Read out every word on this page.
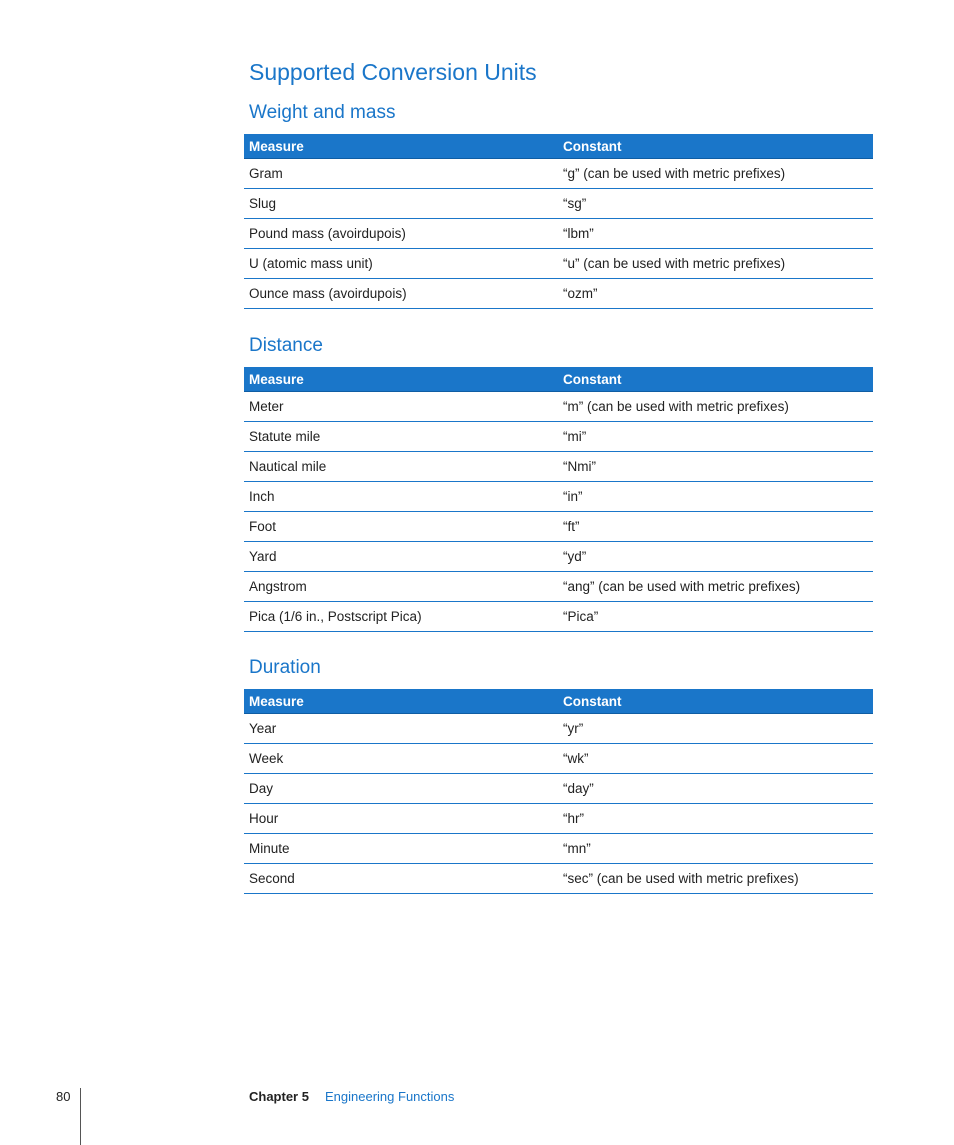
Supported Conversion Units
Weight and mass
Measure	Constant
Gram	“g” (can be used with metric prefixes)
Slug	“sg”
Pound mass (avoirdupois)	“lbm”
U (atomic mass unit)	“u” (can be used with metric prefixes)
Ounce mass (avoirdupois)	“ozm”
Distance
Measure	Constant
Meter	“m” (can be used with metric prefixes)
Statute mile	“mi”
Nautical mile	“Nmi”
Inch	“in”
Foot	“ft”
Yard	“yd”
Angstrom	“ang” (can be used with metric prefixes)
Pica (1/6 in., Postscript Pica)	“Pica”
Duration
Measure	Constant
Year	“yr”
Week	“wk”
Day	“day”
Hour	“hr”
Minute	“mn”
Second	“sec” (can be used with metric prefixes)
80	Chapter 5 Engineering Functions
